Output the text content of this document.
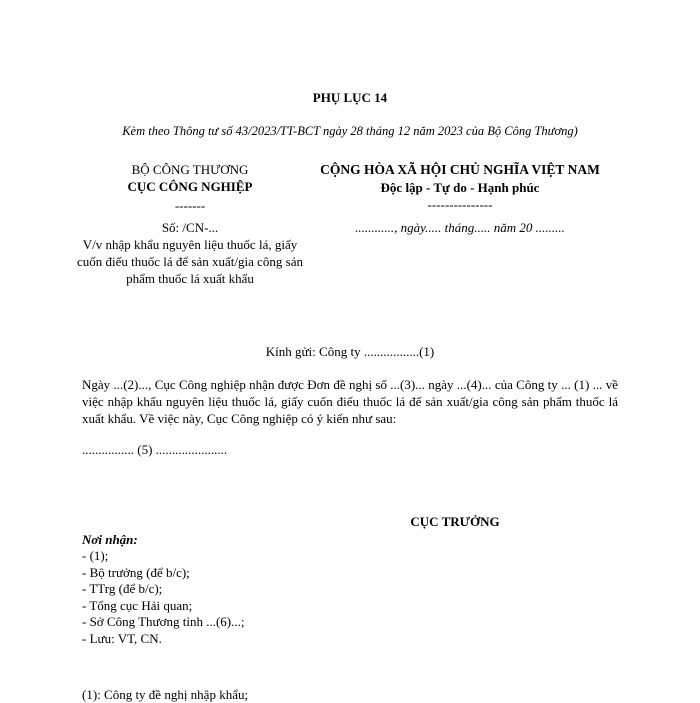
PHỤ LỤC 14
Kèm theo Thông tư số 43/2023/TT-BCT ngày 28 tháng 12 năm 2023 của Bộ Công Thương)
BỘ CÔNG THƯƠNG
CỤC CÔNG NGHIỆP
-------
Số: /CN-...
V/v nhập khẩu nguyên liệu thuốc lá, giấy cuốn điếu thuốc lá để sản xuất/gia công sản phẩm thuốc lá xuất khẩu
CỘNG HÒA XÃ HỘI CHỦ NGHĨA VIỆT NAM
Độc lập - Tự do - Hạnh phúc
---------------
............, ngày..... tháng..... năm 20 .........
Kính gửi: Công ty .................(1)
Ngày ...(2)..., Cục Công nghiệp nhận được Đơn đề nghị số ...(3)... ngày ...(4)... của Công ty ... (1) ... về việc nhập khẩu nguyên liệu thuốc lá, giấy cuốn điếu thuốc lá để sản xuất/gia công sản phẩm thuốc lá xuất khẩu. Về việc này, Cục Công nghiệp có ý kiến như sau:
................ (5) ......................
CỤC TRƯỞNG
Nơi nhận:
- (1);
- Bộ trưởng (để b/c);
- TTrg (để b/c);
- Tổng cục Hải quan;
- Sở Công Thương tỉnh ...(6)...;
- Lưu: VT, CN.
(1): Công ty đề nghị nhập khẩu;
